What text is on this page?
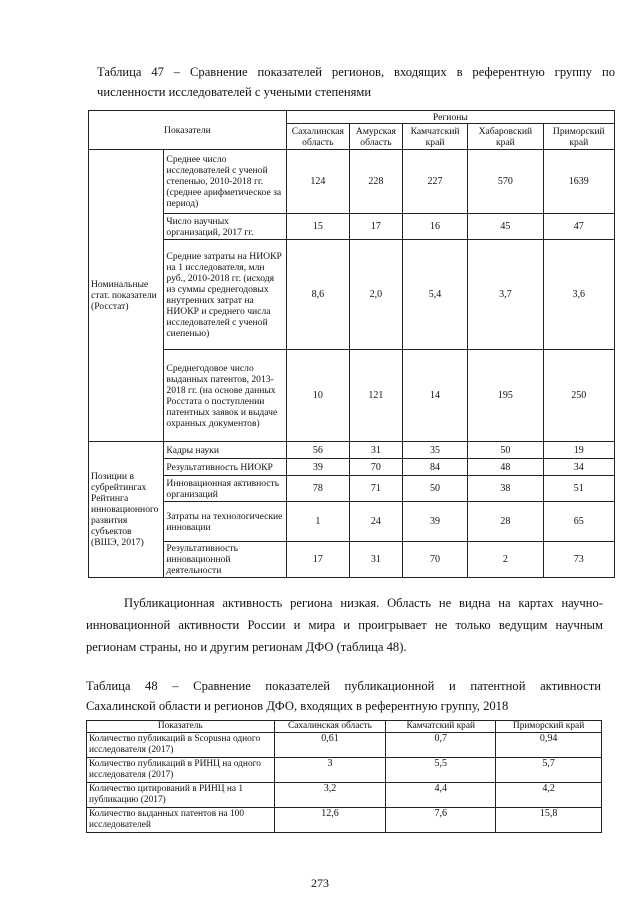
Таблица 47 – Сравнение показателей регионов, входящих в референтную группу по
численности исследователей с учеными степенями
Показатели		Регионы				
		Сахалинская область	Амурская область	Камчатский край	Хабаровский край	Приморский край
Номинальные стат. показатели (Росстат)	Среднее число исследователей с ученой степенью, 2010-2018 гг. (среднее арифметическое за период)	124	228	227	570	1639
	Число научных организаций, 2017 гг.	15	17	16	45	47
	Средние затраты на НИОКР на 1 исследователя, млн руб., 2010-2018 гг. (исходя из суммы среднегодовых внутренних затрат на НИОКР и среднего числа исследователей с ученой сиепенью)	8,6	2,0	5,4	3,7	3,6
	Среднегодовое число выданных патентов, 2013-2018 гг. (на основе данных Росстата о поступлении патентных заявок и выдаче охранных документов)	10	121	14	195	250
Позиции в субрейтингах Рейтинга инновационного развития субъектов (ВШЭ, 2017)	Кадры науки	56	31	35	50	19
	Результативность НИОКР	39	70	84	48	34
	Инновационная активность организаций	78	71	50	38	51
	Затраты на технологические инновации	1	24	39	28	65
	Результативность инновационной деятельности	17	31	70	2	73
Публикационная активность региона низкая. Область не видна на картах научно-инновационной активности России и мира и проигрывает не только ведущим научным регионам страны, но и другим регионам ДФО (таблица 48).
Таблица 48 – Сравнение показателей публикационной и патентной активности
Сахалинской области и регионов ДФО, входящих в референтную группу, 2018
Показатель	Сахалинская область	Камчатский край	Приморский край
Количество публикаций в Scopusна одного исследователя (2017)	0,61	0,7	0,94
Количество публикаций в РИНЦ на одного исследователя (2017)	3	5,5	5,7
Количество цитирований в РИНЦ на 1 публикацию (2017)	3,2	4,4	4,2
Количество выданных патентов на 100 исследователей	12,6	7,6	15,8
273
